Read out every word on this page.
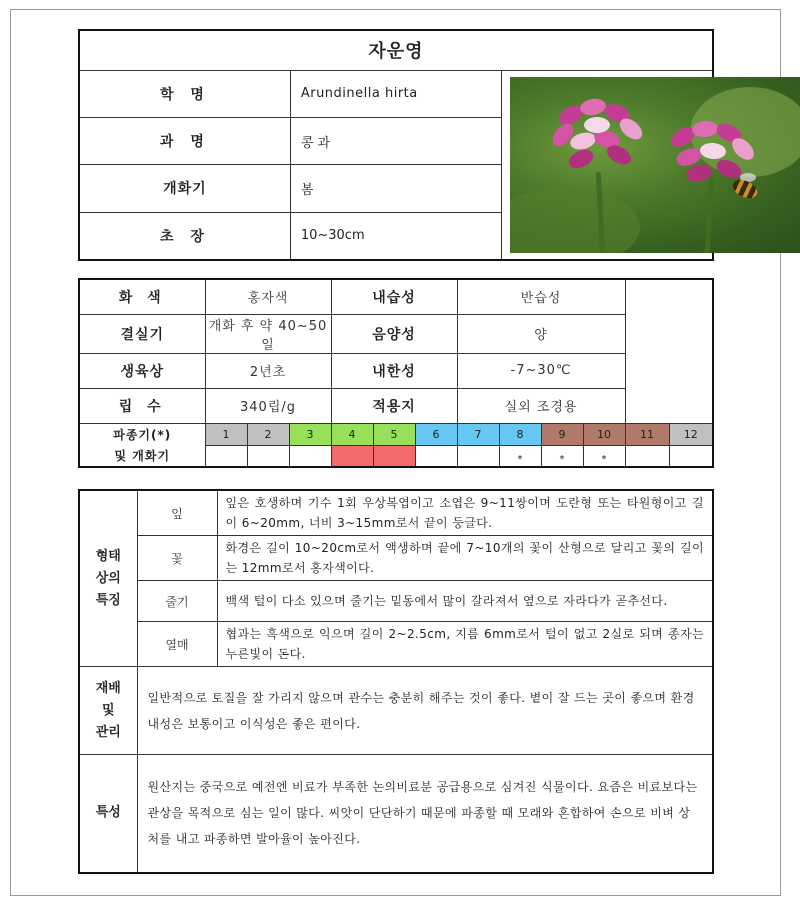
자운영		
학 명	Arundinella hirta	

과 명	콩 과	
개화기	봄	
초 장	10~30cm	
화 색	홍자색			내습성			반습성					
결실기	개화 후 약 40~50일			음양성			양					
생육상	2년초			내한성			-7~30℃					
립 수	340립/g			적용지			실외 조경용					
파종기(*)	1	2	3	4	5	6	7	8	9	10	11	12
및 개화기								*	*	*		
형태
상의
특징	잎	잎은 호생하며 기수 1회 우상복엽이고 소엽은 9~11쌍이며 도란형 또는 타원형이고 길이 6~20mm, 너비 3~15mm로서 끝이 둥글다.
	꽃	화경은 길이 10~20cm로서 액생하며 끝에 7~10개의 꽃이 산형으로 달리고 꽃의 길이는 12mm로서 홍자색이다.
	줄기	백색 털이 다소 있으며 줄기는 밑동에서 많이 갈라져서 옆으로 자라다가 곧추선다.
	열매	협과는 흑색으로 익으며 길이 2~2.5cm, 지름 6mm로서 털이 없고 2실로 되며 종자는 누른빛이 돈다.
재배
및
관리	일반적으로 토질을 잘 가리지 않으며 관수는 충분히 해주는 것이 좋다. 볕이 잘 드는 곳이 좋으며 환경 내성은 보통이고 이식성은 좋은 편이다.	
특성	원산지는 중국으로 예전엔 비료가 부족한 논의비료분 공급용으로 심겨진 식물이다. 요즘은 비료보다는 관상을 목적으로 심는 일이 많다. 씨앗이 단단하기 때문에 파종할 때 모래와 혼합하여 손으로 비벼 상처를 내고 파종하면 발아율이 높아진다.	
